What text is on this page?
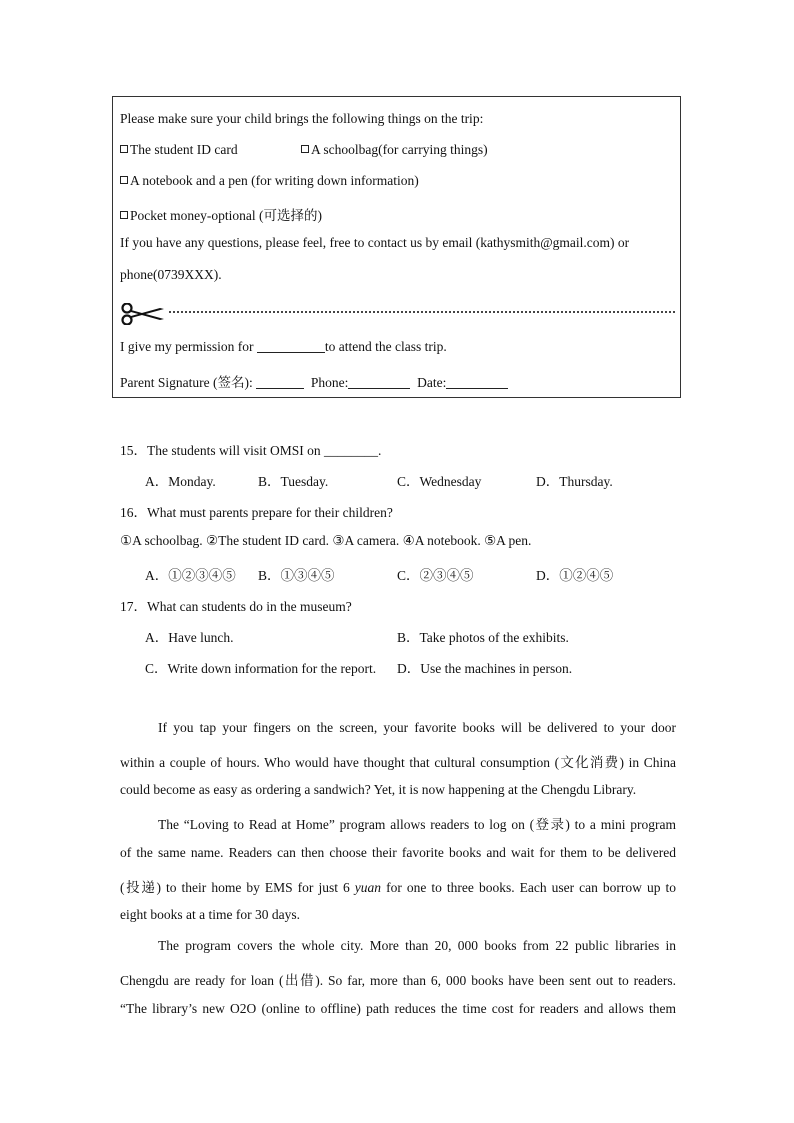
Please make sure your child brings the following things on the trip:
The student ID card	A schoolbag(for carrying things)
A notebook and a pen (for writing down information)
Pocket money-optional (可选择的)
If you have any questions, please feel, free to contact us by email (kathysmith@gmail.com) or
phone(0739XXX).
I give my permission for	to attend the class trip.
Parent Signature (签名):	Phone:	Date:
15．The students will visit OMSI on ________.
A．Monday.	B．Tuesday.	C．Wednesday	D．Thursday.
16．What must parents prepare for their children?
①A schoolbag. ②The student ID card. ③A camera. ④A notebook. ⑤A pen.
A．①②③④⑤ B．①③④⑤	C．②③④⑤	D．①②④⑤
17．What can students do in the museum?
A．Have lunch.	B．Take photos of the exhibits.
C．Write down information for the report. D．Use the machines in person.
If you tap your fingers on the screen, your favorite books will be delivered to your door
within a couple of hours. Who would have thought that cultural consumption (文化消费) in China
could become as easy as ordering a sandwich? Yet, it is now happening at the Chengdu Library.
The “Loving to Read at Home” program allows readers to log on (登录) to a mini program
of the same name. Readers can then choose their favorite books and wait for them to be delivered
(投递) to their home by EMS for just 6 yuan for one to three books. Each user can borrow up to
eight books at a time for 30 days.
The program covers the whole city. More than 20, 000 books from 22 public libraries in
Chengdu are ready for loan (出借). So far, more than 6, 000 books have been sent out to readers.
“The library’s new O2O (online to offline) path reduces the time cost for readers and allows them
